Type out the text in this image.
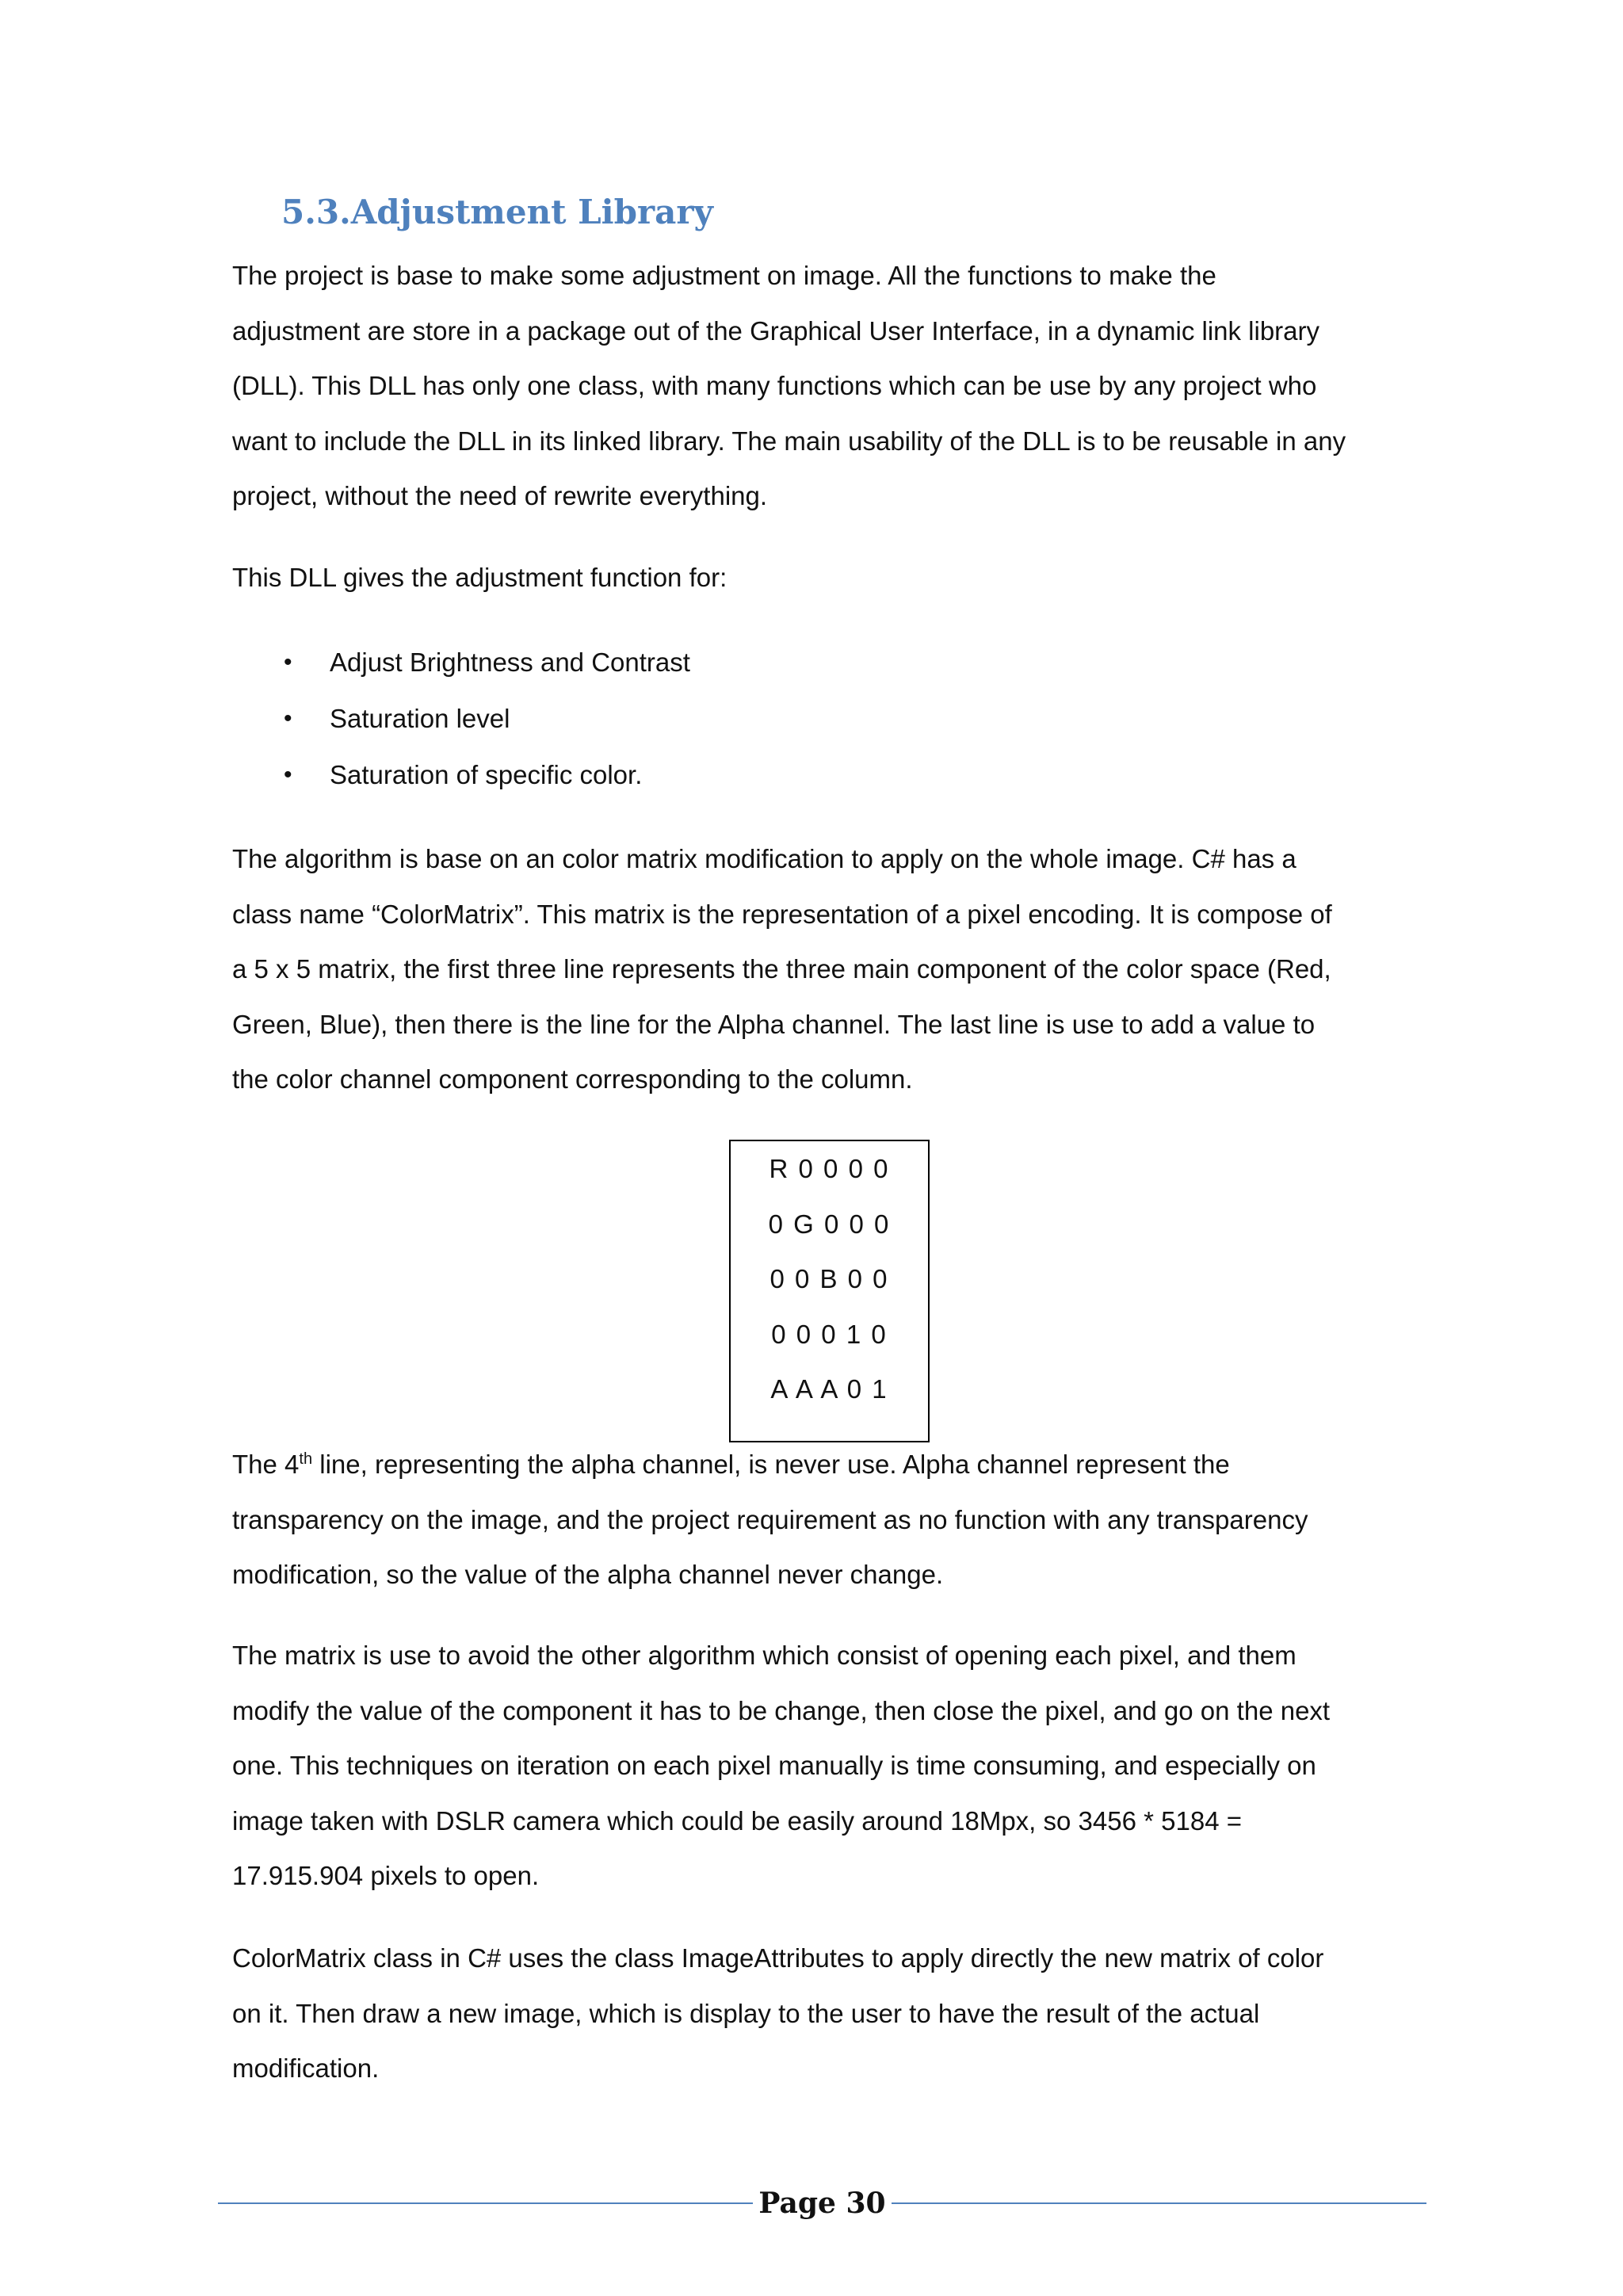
5.3.Adjustment Library

The project is base to make some adjustment on image. All the functions to make the
adjustment are store in a package out of the Graphical User Interface, in a dynamic link library
(DLL). This DLL has only one class, with many functions which can be use by any project who
want to include the DLL in its linked library. The main usability of the DLL is to be reusable in any
project, without the need of rewrite everything.

This DLL gives the adjustment function for:

• Adjust Brightness and Contrast
• Saturation level
• Saturation of specific color.

The algorithm is base on an color matrix modification to apply on the whole image. C# has a
class name “ColorMatrix”. This matrix is the representation of a pixel encoding. It is compose of
a 5 x 5 matrix, the first three line represents the three main component of the color space (Red,
Green, Blue), then there is the line for the Alpha channel. The last line is use to add a value to
the color channel component corresponding to the column.

R 0 0 0 0
0 G 0 0 0
0 0 B 0 0
0 0 0 1 0
A A A 0 1

The 4th line, representing the alpha channel, is never use. Alpha channel represent the
transparency on the image, and the project requirement as no function with any transparency
modification, so the value of the alpha channel never change.

The matrix is use to avoid the other algorithm which consist of opening each pixel, and them
modify the value of the component it has to be change, then close the pixel, and go on the next
one. This techniques on iteration on each pixel manually is time consuming, and especially on
image taken with DSLR camera which could be easily around 18Mpx, so 3456 * 5184 =
17.915.904 pixels to open.

ColorMatrix class in C# uses the class ImageAttributes to apply directly the new matrix of color
on it. Then draw a new image, which is display to the user to have the result of the actual
modification.

Page 30
